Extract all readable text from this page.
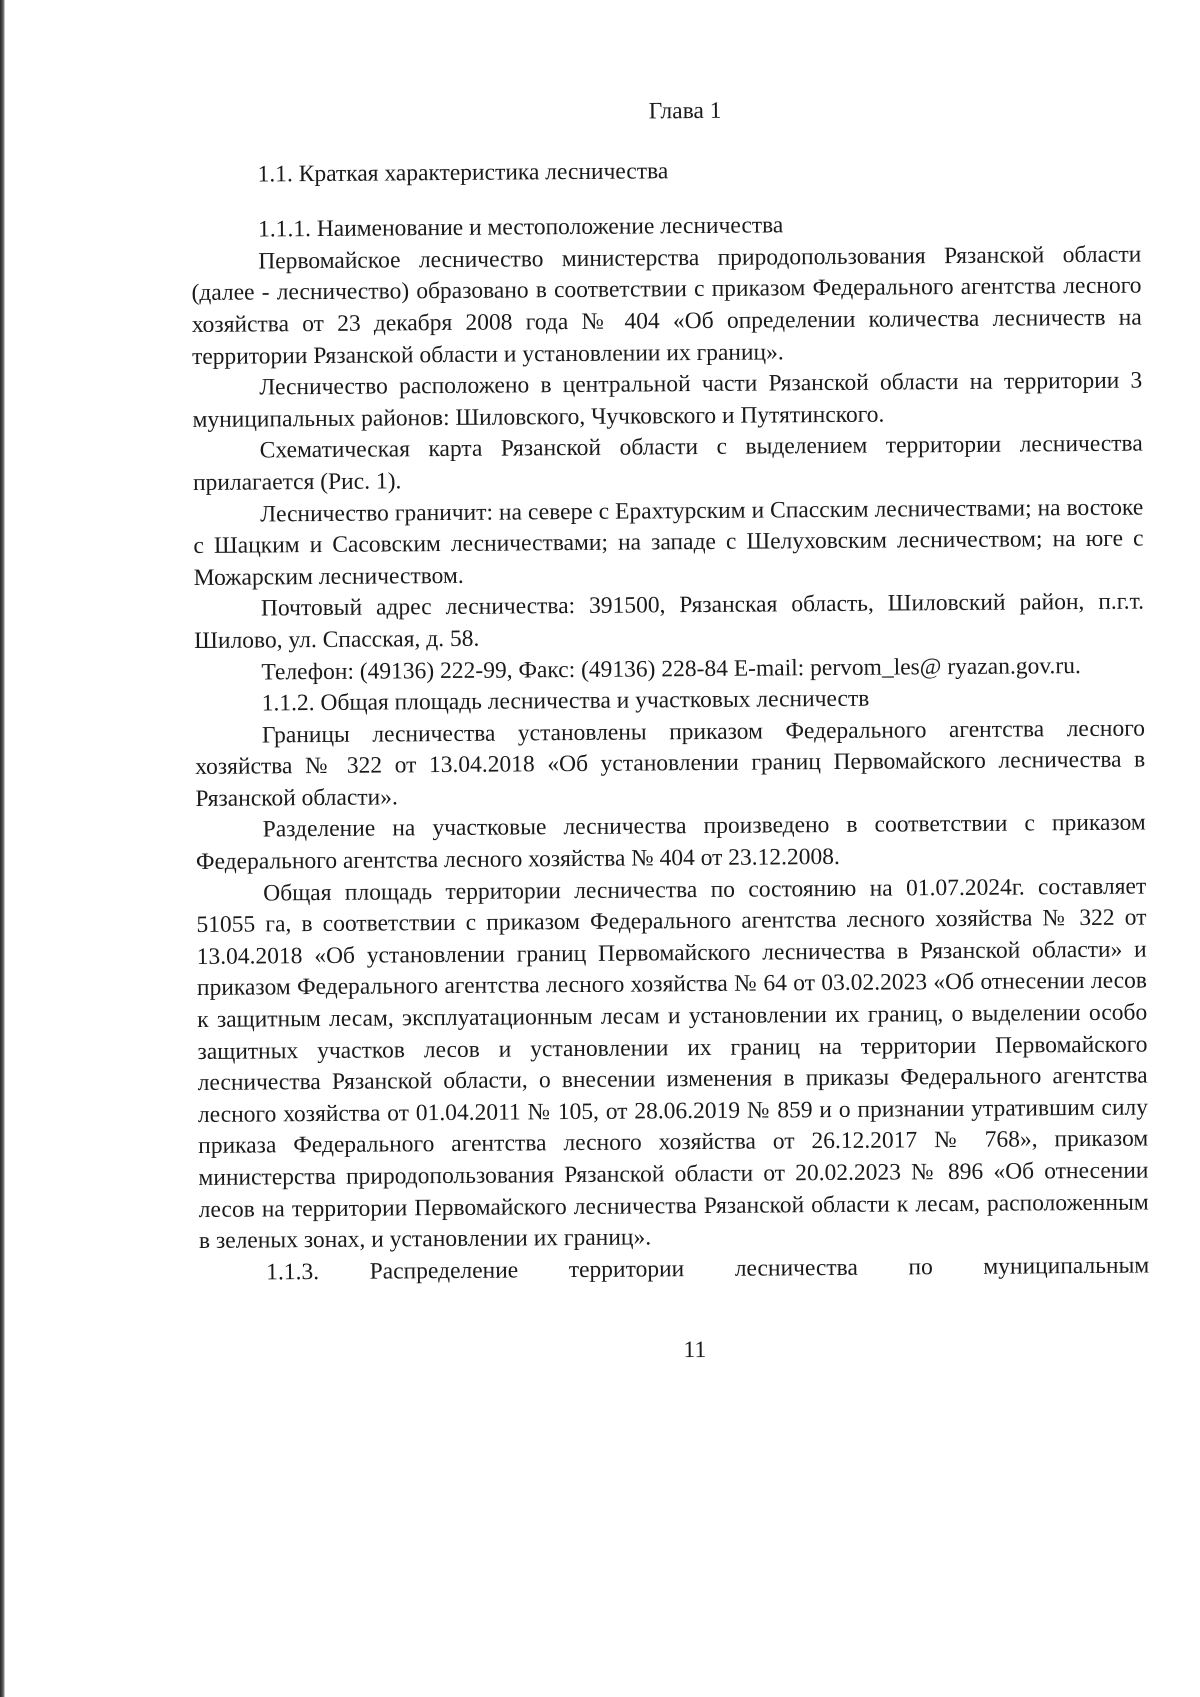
Глава 1
1.1. Краткая характеристика лесничества
1.1.1. Наименование и местоположение лесничества

Первомайское лесничество министерства природопользования Рязанской области (далее - лесничество) образовано в соответствии с приказом Федерального агентства лесного хозяйства от 23 декабря 2008 года № 404 «Об определении количества лесничеств на территории Рязанской области и установлении их границ».

Лесничество расположено в центральной части Рязанской области на территории 3 муниципальных районов: Шиловского, Чучковского и Путятинского.

Схематическая карта Рязанской области с выделением территории лесничества прилагается (Рис. 1).

Лесничество граничит: на севере с Ерахтурским и Спасским лесничествами; на востоке с Шацким и Сасовским лесничествами; на западе с Шелуховским лесничеством; на юге с Можарским лесничеством.

Почтовый адрес лесничества: 391500, Рязанская область, Шиловский район, п.г.т. Шилово, ул. Спасская, д. 58.

Телефон: (49136) 222-99, Факс: (49136) 228-84 E-mail: pervom_les@ ryazan.gov.ru.

1.1.2. Общая площадь лесничества и участковых лесничеств

Границы лесничества установлены приказом Федерального агентства лесного хозяйства № 322 от 13.04.2018 «Об установлении границ Первомайского лесничества в Рязанской области».

Разделение на участковые лесничества произведено в соответствии с приказом Федерального агентства лесного хозяйства № 404 от 23.12.2008.

Общая площадь территории лесничества по состоянию на 01.07.2024г. составляет 51055 га, в соответствии с приказом Федерального агентства лесного хозяйства № 322 от 13.04.2018 «Об установлении границ Первомайского лесничества в Рязанской области» и приказом Федерального агентства лесного хозяйства № 64 от 03.02.2023 «Об отнесении лесов к защитным лесам, эксплуатационным лесам и установлении их границ, о выделении особо защитных участков лесов и установлении их границ на территории Первомайского лесничества Рязанской области, о внесении изменения в приказы Федерального агентства лесного хозяйства от 01.04.2011 № 105, от 28.06.2019 № 859 и о признании утратившим силу приказа Федерального агентства лесного хозяйства от 26.12.2017 № 768», приказом министерства природопользования Рязанской области от 20.02.2023 № 896 «Об отнесении лесов на территории Первомайского лесничества Рязанской области к лесам, расположенным в зеленых зонах, и установлении их границ».

1.1.3. Распределение территории лесничества по муниципальным

11
